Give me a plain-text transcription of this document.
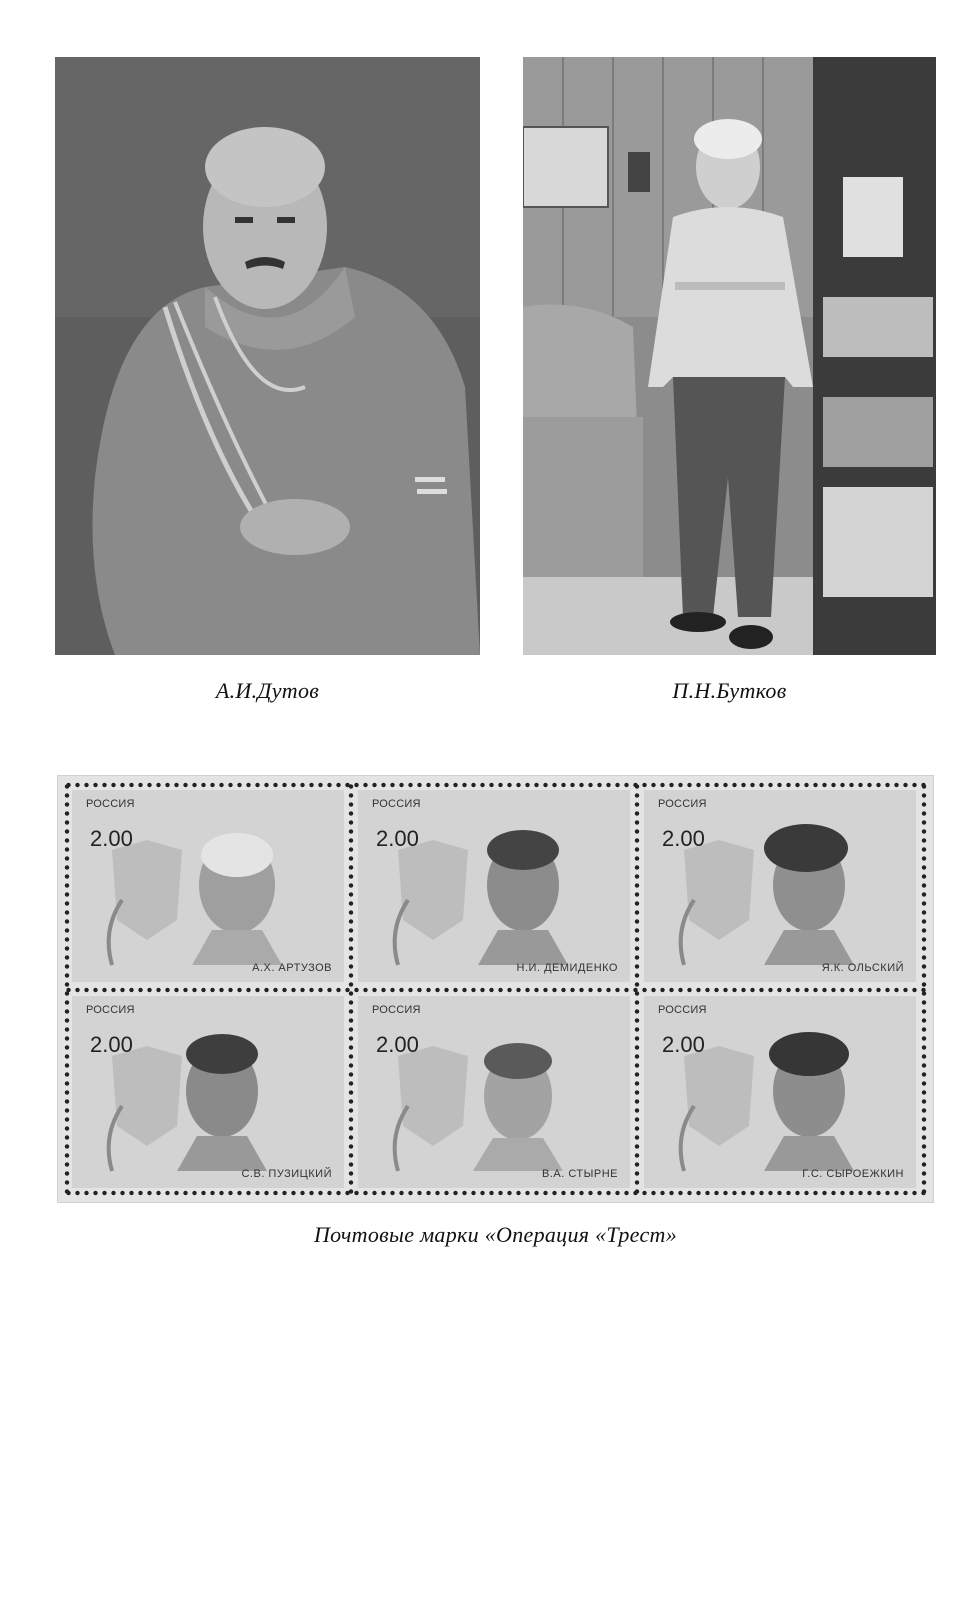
А.И.Дутов	П.Н.Бутков
РОССИЯ
2.00
А.Х. АРТУЗОВ
РОССИЯ
2.00
Н.И. ДЕМИДЕНКО
РОССИЯ
2.00
Я.К. ОЛЬСКИЙ
РОССИЯ
2.00
С.В. ПУЗИЦКИЙ
РОССИЯ
2.00
В.А. СТЫРНЕ
РОССИЯ
2.00
Г.С. СЫРОЕЖКИН
Почтовые марки «Операция «Трест»
